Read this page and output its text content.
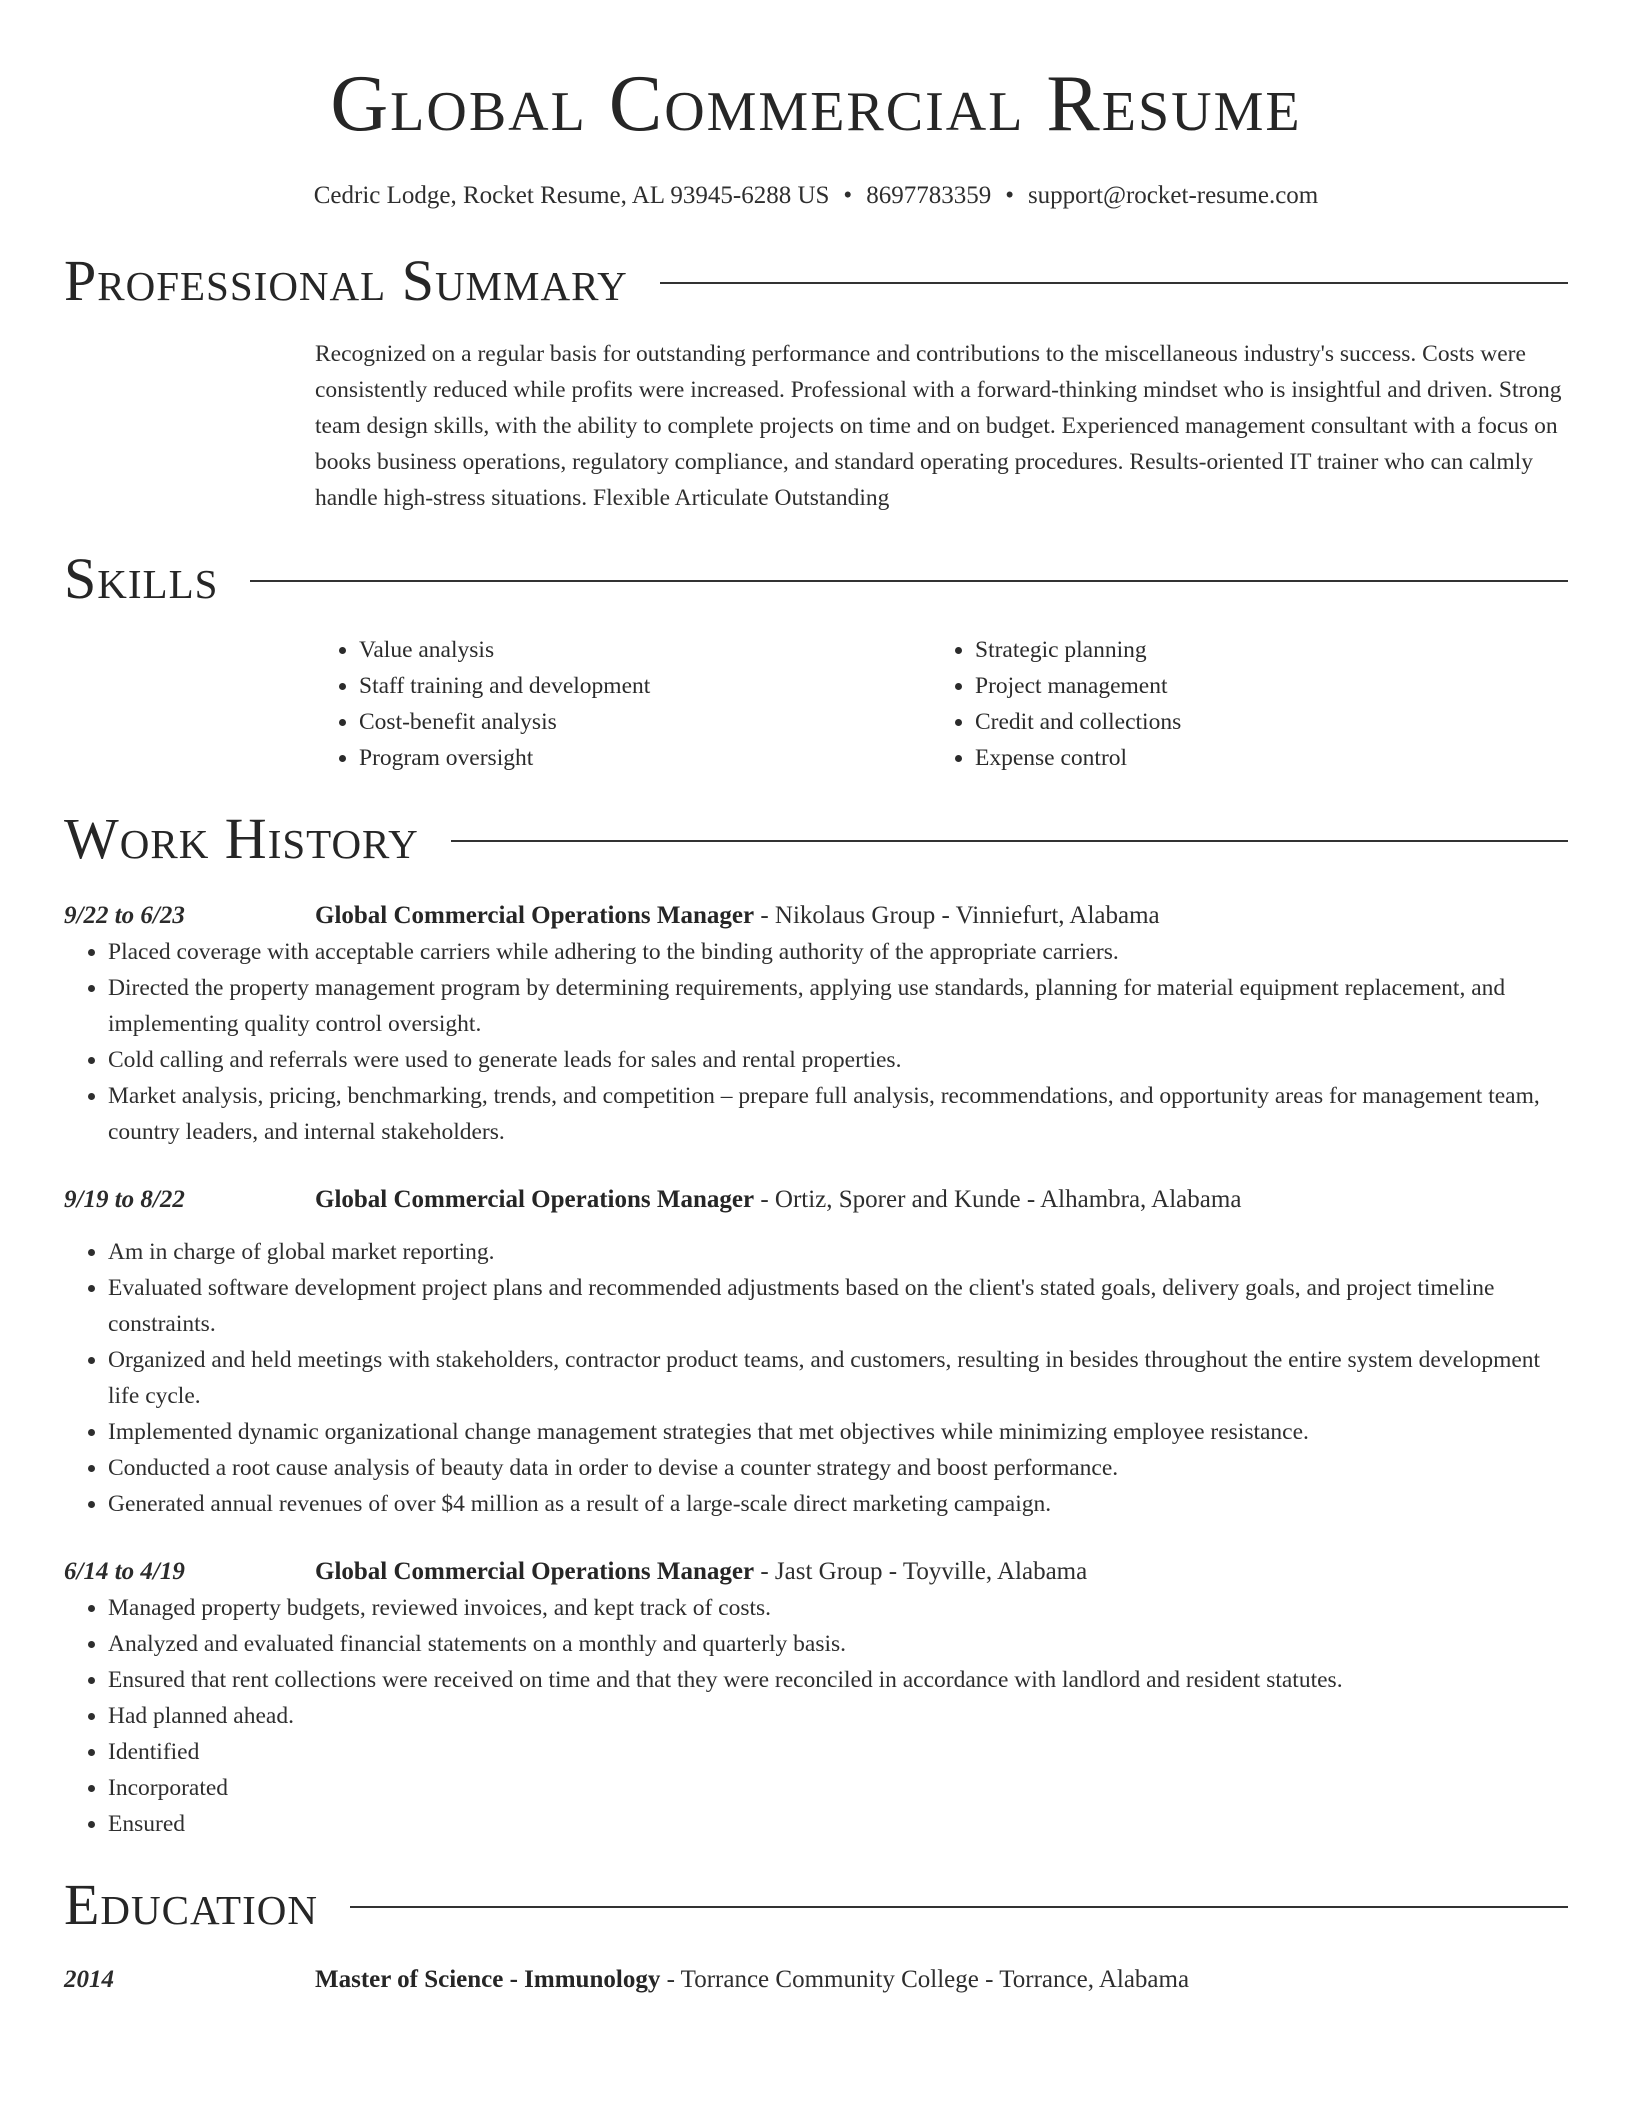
Global Commercial Resume
Cedric Lodge, Rocket Resume, AL 93945-6288 US • 8697783359 • support@rocket-resume.com
Professional Summary

Recognized on a regular basis for outstanding performance and contributions to the miscellaneous industry's success. Costs were consistently reduced while profits were increased. Professional with a forward-thinking mindset who is insightful and driven. Strong team design skills, with the ability to complete projects on time and on budget. Experienced management consultant with a focus on books business operations, regulatory compliance, and standard operating procedures. Results-oriented IT trainer who can calmly handle high-stress situations. Flexible Articulate Outstanding

Skills
• Value analysis
• Staff training and development
• Cost-benefit analysis
• Program oversight
• Strategic planning
• Project management
• Credit and collections
• Expense control
Work History
9/22 to 6/23	Global Commercial Operations Manager - Nikolaus Group - Vinniefurt, Alabama
• Placed coverage with acceptable carriers while adhering to the binding authority of the appropriate carriers.
• Directed the property management program by determining requirements, applying use standards, planning for material equipment replacement, and implementing quality control oversight.
• Cold calling and referrals were used to generate leads for sales and rental properties.
• Market analysis, pricing, benchmarking, trends, and competition – prepare full analysis, recommendations, and opportunity areas for management team, country leaders, and internal stakeholders.
9/19 to 8/22	Global Commercial Operations Manager - Ortiz, Sporer and Kunde - Alhambra, Alabama
• Am in charge of global market reporting.
• Evaluated software development project plans and recommended adjustments based on the client's stated goals, delivery goals, and project timeline constraints.
• Organized and held meetings with stakeholders, contractor product teams, and customers, resulting in besides throughout the entire system development life cycle.
• Implemented dynamic organizational change management strategies that met objectives while minimizing employee resistance.
• Conducted a root cause analysis of beauty data in order to devise a counter strategy and boost performance.
• Generated annual revenues of over $4 million as a result of a large-scale direct marketing campaign.
6/14 to 4/19	Global Commercial Operations Manager - Jast Group - Toyville, Alabama
• Managed property budgets, reviewed invoices, and kept track of costs.
• Analyzed and evaluated financial statements on a monthly and quarterly basis.
• Ensured that rent collections were received on time and that they were reconciled in accordance with landlord and resident statutes.
• Had planned ahead.
• Identified
• Incorporated
• Ensured
Education
2014	Master of Science - Immunology - Torrance Community College - Torrance, Alabama
